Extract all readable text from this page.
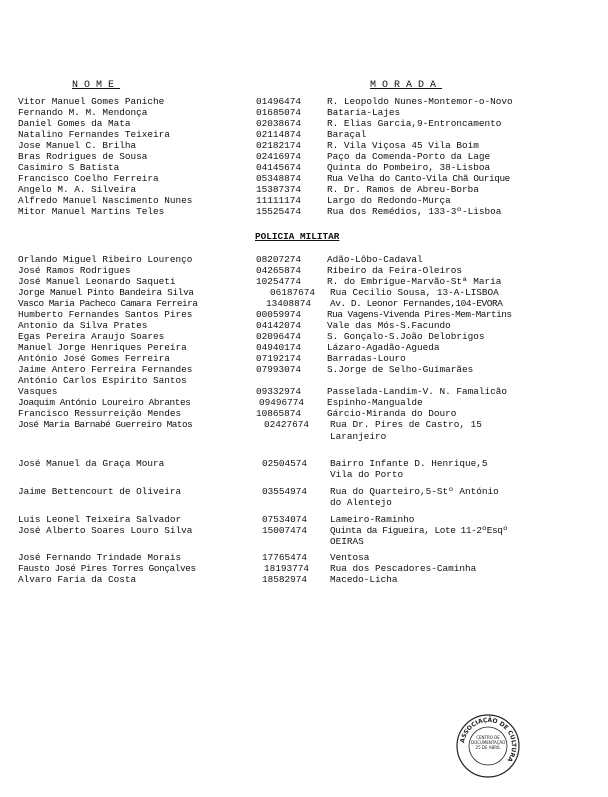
NOME	MORADA
Vitor Manuel Gomes Paniche	01496474	R. Leopoldo Nunes-Montemor-o-Novo
Fernando M. M. Mendonça	01685074	Bataria-Lajes
Daniel Gomes da Mata	02038674	R. Elias Garcia,9-Entroncamento
Natalino Fernandes Teixeira	02114874	Baraçal
Jose Manuel C. Brilha	02182174	R. Vila Viçosa 45 Vila Boim
Bras Rodrigues de Sousa	02416974	Paço da Comenda-Porto da Lage
Casimiro S Batista	04145674	Quinta do Pombeiro, 38-Lisboa
Francisco Coelho Ferreira	05348874	Rua Velha do Canto-Vila Chã Ourique
Angelo M. A. Silveira	15387374	R. Dr. Ramos de Abreu-Borba
Alfredo Manuel Nascimento Nunes	11111174	Largo do Redondo-Murça
Mitor Manuel Martins Teles	15525474	Rua dos Remédios, 133-3º-Lisboa
POLICIA MILITAR
Orlando Miguel Ribeiro Lourenço	08207274	Adão-Lôbo-Cadaval
José Ramos Rodrigues	04265874	Ribeiro da Feira-Oleiros
José Manuel Leonardo Saqueti	10254774	R. do Embrigue-Marvão-Stª Maria
Jorge Manuel Pinto Bandeira Silva	06187674 Rua Cecilio Sousa, 13-A-LISBOA
Vasco Maria Pacheco Camara Ferreira	13408874 Av. D. Leonor Fernandes,104-EVORA
Humberto Fernandes Santos Pires	00059974	Rua Vagens-Vivenda Pires-Mem-Martins
Antonio da Silva Prates	04142074	Vale das Mós-S.Facundo
Egas Pereira Araujo Soares	02096474	S. Gonçalo-S.João Delobrigos
Manuel Jorge Henriques Pereira	04940174	Lázaro-Agadão-Agueda
António José Gomes Ferreira	07192174	Barradas-Louro
Jaime Antero Ferreira Fernandes	07993074	S.Jorge de Selho-Guimarães
António Carlos Espirito Santos
Vasques	09332974	Passelada-Landim-V. N. Famalicão
Joaquim António Loureiro Abrantes	09496774 Espinho-Mangualde
Francisco Ressurreição Mendes	10865874	Gárcio-Miranda do Douro
José Maria Barnabé Guerreiro Matos	02427674 Rua Dr. Pires de Castro, 15
Laranjeiro
José Manuel da Graça Moura	02504574 Bairro Infante D. Henrique,5
Vila do Porto
Jaime Bettencourt de Oliveira	03554974 Rua do Quarteiro,5-Stº António
do Alentejo
Luis Leonel Teixeira Salvador	07534074 Lameiro-Raminho
José Alberto Soares Louro Silva	15007474 Quinta da Figueira, Lote 11-2ºEsqº
OEIRAS
José Fernando Trindade Morais	17765474 Ventosa
Fausto José Pires Torres Gonçalves	18193774 Rua dos Pescadores-Caminha
Alvaro Faria da Costa	18582974 Macedo-Licha
ASSOCIAÇÃO DE CULTURA
CENTRO DE DOCUMENTAÇÃO 25 DE ABRIL
